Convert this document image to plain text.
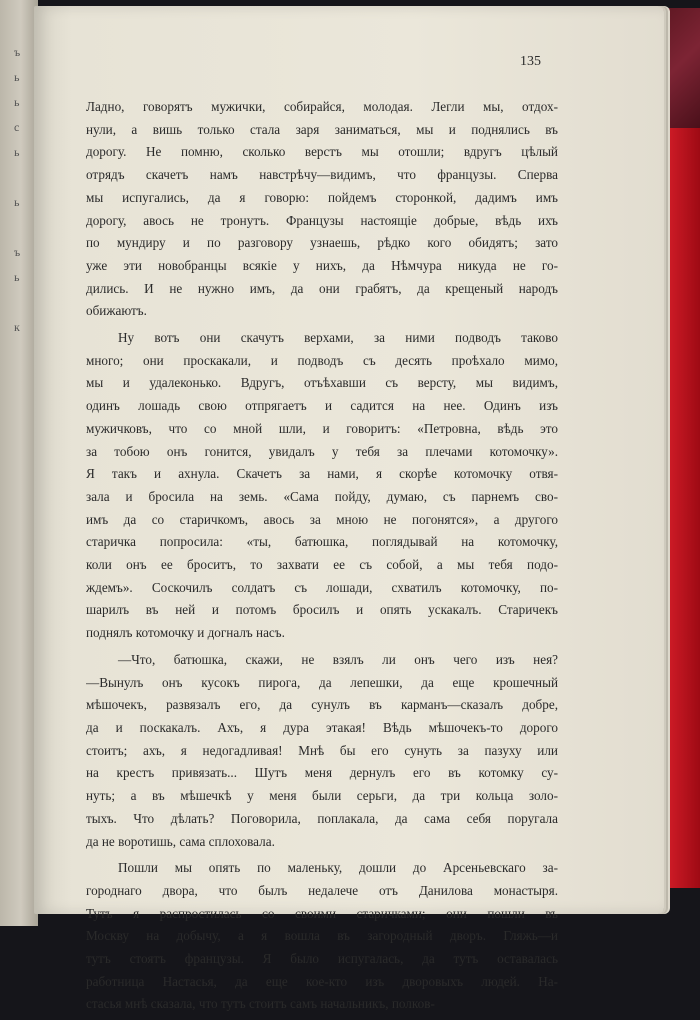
ъ
ь
ь
с
ь

ь

ъ
ь

к

135

Ладно, говорятъ мужички, собирайся, молодая. Легли мы, отдох-
нули, а вишь только стала заря заниматься, мы и поднялись въ
дорогу. Не помню, сколько верстъ мы отошли; вдругъ цѣлый
отрядъ скачетъ намъ навстрѣчу—видимъ, что французы. Сперва
мы испугались, да я говорю: пойдемъ сторонкой, дадимъ имъ
дорогу, авось не тронутъ. Французы настоящіе добрые, вѣдь ихъ
по мундиру и по разговору узнаешь, рѣдко кого обидятъ; зато
уже эти новобранцы всякіе у нихъ, да Нѣмчура никуда не го-
дились. И не нужно имъ, да они грабятъ, да крещеный народъ
обижаютъ.

Ну вотъ они скачутъ верхами, за ними подводъ таково
много; они проскакали, и подводъ съ десять проѣхало мимо,
мы и удалеконько. Вдругъ, отъѣхавши съ версту, мы видимъ,
одинъ лошадь свою отпрягаетъ и садится на нее. Одинъ изъ
мужичковъ, что со мной шли, и говоритъ: «Петровна, вѣдь это
за тобою онъ гонится, увидалъ у тебя за плечами котомочку».
Я такъ и ахнула. Скачетъ за нами, я скорѣе котомочку отвя-
зала и бросила на земь. «Сама пойду, думаю, съ парнемъ сво-
имъ да со старичкомъ, авось за мною не погонятся», а другого
старичка попросила: «ты, батюшка, поглядывай на котомочку,
коли онъ ее броситъ, то захвати ее съ собой, а мы тебя подо-
ждемъ». Соскочилъ солдатъ съ лошади, схватилъ котомочку, по-
шарилъ въ ней и потомъ бросилъ и опять ускакалъ. Старичекъ
поднялъ котомочку и догналъ насъ.

—Что, батюшка, скажи, не взялъ ли онъ чего изъ нея?
—Вынулъ онъ кусокъ пирога, да лепешки, да еще крошечный
мѣшочекъ, развязалъ его, да сунулъ въ карманъ—сказалъ добре,
да и поскакалъ. Ахъ, я дура этакая! Вѣдь мѣшочекъ-то дорого
стоитъ; ахъ, я недогадливая! Мнѣ бы его сунуть за пазуху или
на крестъ привязать... Шутъ меня дернулъ его въ котомку су-
нуть; а въ мѣшечкѣ у меня были серьги, да три кольца золо-
тыхъ. Что дѣлать? Поговорила, поплакала, да сама себя поругала
да не воротишь, сама сплоховала.

Пошли мы опять по маленьку, дошли до Арсеньевскаго за-
городнаго двора, что былъ недалече отъ Данилова монастыря.
Тутъ я распростилась со своими старичками; они пошли въ
Москву на добычу, а я вошла въ загородный дворъ. Гляжь—и
тутъ стоятъ французы. Я было испугалась, да тутъ оставалась
работница Настасья, да еще кое-кто изъ дворовыхъ людей. На-
стасья мнѣ сказала, что тутъ стоитъ самъ начальникъ, полков-
